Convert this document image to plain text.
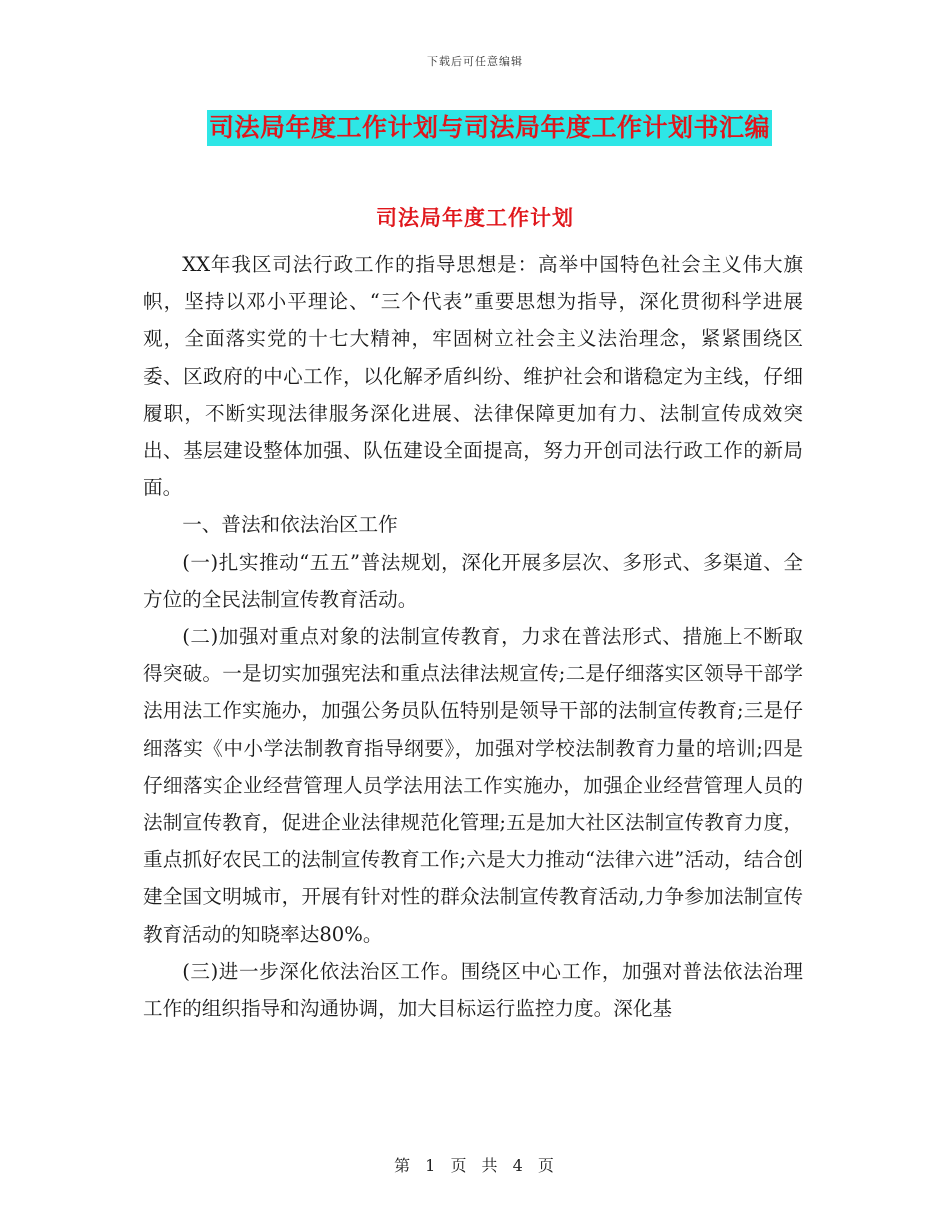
下载后可任意编辑
司法局年度工作计划与司法局年度工作计划书汇编
司法局年度工作计划

XX年我区司法行政工作的指导思想是：高举中国特色社会主义伟大旗帜，坚持以邓小平理论、“三个代表”重要思想为指导，深化贯彻科学进展观，全面落实党的十七大精神，牢固树立社会主义法治理念，紧紧围绕区委、区政府的中心工作，以化解矛盾纠纷、维护社会和谐稳定为主线，仔细履职，不断实现法律服务深化进展、法律保障更加有力、法制宣传成效突出、基层建设整体加强、队伍建设全面提高，努力开创司法行政工作的新局面。

一、普法和依法治区工作

(一)扎实推动“五五”普法规划，深化开展多层次、多形式、多渠道、全方位的全民法制宣传教育活动。

(二)加强对重点对象的法制宣传教育，力求在普法形式、措施上不断取得突破。一是切实加强宪法和重点法律法规宣传;二是仔细落实区领导干部学法用法工作实施办，加强公务员队伍特别是领导干部的法制宣传教育;三是仔细落实《中小学法制教育指导纲要》，加强对学校法制教育力量的培训;四是仔细落实企业经营管理人员学法用法工作实施办，加强企业经营管理人员的法制宣传教育，促进企业法律规范化管理;五是加大社区法制宣传教育力度，重点抓好农民工的法制宣传教育工作;六是大力推动“法律六进”活动，结合创建全国文明城市，开展有针对性的群众法制宣传教育活动,力争参加法制宣传教育活动的知晓率达80%。

(三)进一步深化依法治区工作。围绕区中心工作，加强对普法依法治理工作的组织指导和沟通协调，加大目标运行监控力度。深化基

第 1 页 共 4 页
